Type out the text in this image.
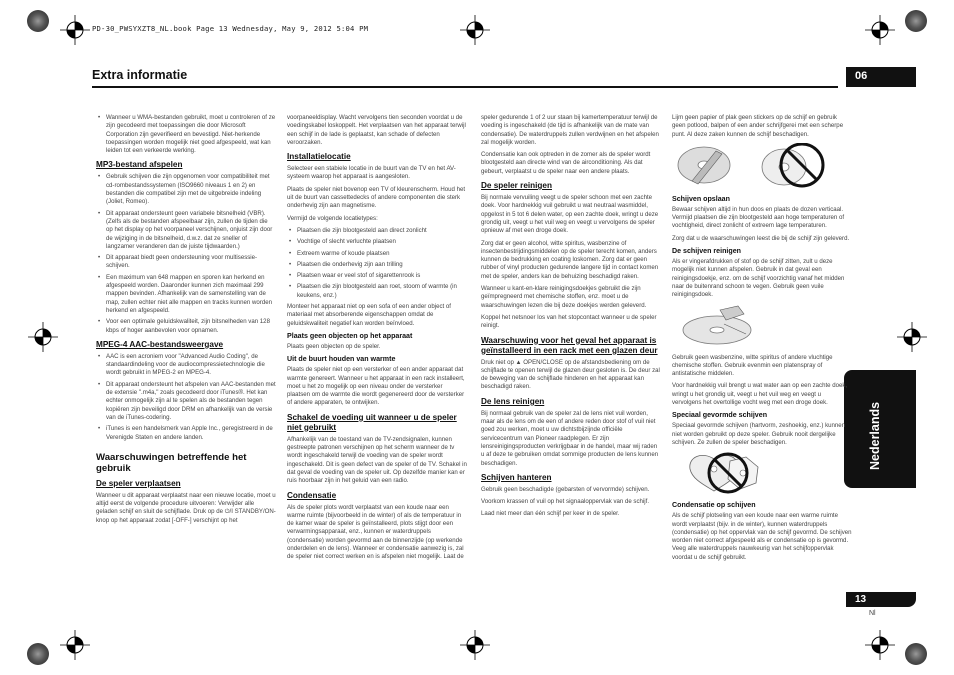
PD-30_PWSYXZT8_NL.book Page 13 Wednesday, May 9, 2012 5:04 PM
Extra informatie	06
Nederlands
13
Nl
• Wanneer u WMA-bestanden gebruikt, moet u controleren of ze zijn gecodeerd met toepassingen die door Microsoft Corporation zijn geverifieerd en bevestigd. Niet-herkende toepassingen worden mogelijk niet goed afgespeeld, wat kan leiden tot een verkeerde werking.
MP3-bestand afspelen
• Gebruik schijven die zijn opgenomen voor compatibiliteit met cd-rombestandssystemen (ISO9660 niveaus 1 en 2) en bestanden die compatibel zijn met de uitgebreide indeling (Joliet, Romeo).
• Dit apparaat ondersteunt geen variabele bitsnelheid (VBR). (Zelfs als de bestanden afspeelbaar zijn, zullen de tijden die op het display op het voorpaneel verschijnen, onjuist zijn door de wijziging in de bitsnelheid, d.w.z. dat ze sneller of langzamer veranderen dan de juiste tijdwaarden.)
• Dit apparaat biedt geen ondersteuning voor multisessie-schijven.
• Een maximum van 648 mappen en sporen kan herkend en afgespeeld worden. Daaronder kunnen zich maximaal 299 mappen bevinden. Afhankelijk van de samenstelling van de map, zullen echter niet alle mappen en tracks kunnen worden herkend en afgespeeld.
• Voor een optimale geluidskwaliteit, zijn bitsnelheden van 128 kbps of hoger aanbevolen voor opnamen.
MPEG-4 AAC-bestandsweergave
• AAC is een acroniem voor "Advanced Audio Coding", de standaardindeling voor de audiocompressietechnologie die wordt gebruikt in MPEG-2 en MPEG-4.
• Dit apparaat ondersteunt het afspelen van AAC-bestanden met de extensie ".m4a," zoals gecodeerd door iTunes®. Het kan echter onmogelijk zijn al te spelen als de bestanden tegen kopiëren zijn beveiligd door DRM en afhankelijk van de versie van de iTunes-codering.
• iTunes is een handelsmerk van Apple Inc., geregistreerd in de Verenigde Staten en andere landen.
Waarschuwingen betreffende het gebruik
De speler verplaatsen

Wanneer u dit apparaat verplaatst naar een nieuwe locatie, moet u altijd eerst de volgende procedure uitvoeren: Verwijder alle geladen schijf en sluit de schijflade. Druk op de ⏻/I STANDBY/ON-knop op het apparaat zodat [-OFF-] verschijnt op het

voorpaneeldisplay. Wacht vervolgens tien seconden voordat u de voedingskabel loskoppelt. Het verplaatsen van het apparaat terwijl een schijf in de lade is geplaatst, kan schade of defecten veroorzaken.

Installatielocatie

Selecteer een stabiele locatie in de buurt van de TV en het AV-systeem waarop het apparaat is aangesloten.

Plaats de speler niet bovenop een TV of kleurenscherm. Houd het uit de buurt van cassettedecks of andere componenten die sterk onderhevig zijn aan magnetisme.

Vermijd de volgende locatietypes:

• Plaatsen die zijn blootgesteld aan direct zonlicht
• Vochtige of slecht verluchte plaatsen
• Extreem warme of koude plaatsen
• Plaatsen die onderhevig zijn aan trilling
• Plaatsen waar er veel stof of sigarettenrook is
• Plaatsen die zijn blootgesteld aan roet, stoom of warmte (in keukens, enz.)

Monteer het apparaat niet op een sofa of een ander object of materiaal met absorberende eigenschappen omdat de geluidskwaliteit negatief kan worden beïnvloed.

Plaats geen objecten op het apparaat

Plaats geen objecten op de speler.

Uit de buurt houden van warmte

Plaats de speler niet op een versterker of een ander apparaat dat warmte genereert. Wanneer u het apparaat in een rack installeert, moet u het zo mogelijk op een niveau onder de versterker plaatsen om de warmte die wordt gegenereerd door de versterker of andere apparaten, te ontwijken.

Schakel de voeding uit wanneer u de speler niet gebruikt

Afhankelijk van de toestand van de TV-zendsignalen, kunnen gestreepte patronen verschijnen op het scherm wanneer de tv wordt ingeschakeld terwijl de voeding van de speler wordt ingeschakeld. Dit is geen defect van de speler of de TV. Schakel in dat geval de voeding van de speler uit. Op dezelfde manier kan er ruis hoorbaar zijn in het geluid van een radio.

Condensatie

Als de speler plots wordt verplaatst van een koude naar een warme ruimte (bijvoorbeeld in de winter) of als de temperatuur in de kamer waar de speler is geïnstalleerd, plots stijgt door een verwarmingsapparaat, enz., kunnen er waterdruppels (condensatie) worden gevormd aan de binnenzijde (op werkende onderdelen en de lens). Wanneer er condensatie aanwezig is, zal de speler niet correct werken en is afspelen niet mogelijk. Laat de

speler gedurende 1 of 2 uur staan bij kamertemperatuur terwijl de voeding is ingeschakeld (de tijd is afhankelijk van de mate van condensatie). De waterdruppels zullen verdwijnen en het afspelen zal mogelijk worden.

Condensatie kan ook optreden in de zomer als de speler wordt blootgesteld aan directe wind van de airconditioning. Als dat gebeurt, verplaatst u de speler naar een andere plaats.

De speler reinigen

Bij normale vervuiling veegt u de speler schoon met een zachte doek. Voor hardnekkig vuil gebruikt u wat neutraal wasmiddel, opgelost in 5 tot 6 delen water, op een zachte doek, wringt u deze grondig uit, veegt u het vuil weg en veegt u vervolgens de speler opnieuw af met een droge doek.

Zorg dat er geen alcohol, witte spiritus, wasbenzine of insectenbestrijdingsmiddelen op de speler terecht komen, anders kunnen de bedrukking en coating loskomen. Zorg dat er geen rubber of vinyl producten gedurende langere tijd in contact komen met de speler, anders kan de behuizing beschadigd raken.

Wanneer u kant-en-klare reinigingsdoekjes gebruikt die zijn geïmpregneerd met chemische stoffen, enz. moet u de waarschuwingen lezen die bij deze doekjes werden geleverd.

Koppel het netsnoer los van het stopcontact wanneer u de speler reinigt.

Waarschuwing voor het geval het apparaat is geïnstalleerd in een rack met een glazen deur

Druk niet op ▲ OPEN/CLOSE op de afstandsbediening om de schijflade te openen terwijl de glazen deur gesloten is. De deur zal de beweging van de schijflade hinderen en het apparaat kan beschadigd raken.

De lens reinigen

Bij normaal gebruik van de speler zal de lens niet vuil worden, maar als de lens om de een of andere reden door stof of vuil niet goed zou werken, moet u uw dichtstbijzijnde officiële servicecentrum van Pioneer raadplegen. Er zijn lensreinigingsproducten verkrijgbaar in de handel, maar wij raden u af deze te gebruiken omdat sommige producten de lens kunnen beschadigen.

Schijven hanteren

Gebruik geen beschadigde (gebarsten of vervormde) schijven.

Voorkom krassen of vuil op het signaaloppervlak van de schijf.

Laad niet meer dan één schijf per keer in de speler.

Lijm geen papier of plak geen stickers op de schijf en gebruik geen potlood, balpen of een ander schrijfgerei met een scherpe punt. Al deze zaken kunnen de schijf beschadigen.

Schijven opslaan

Bewaar schijven altijd in hun doos en plaats de dozen verticaal. Vermijd plaatsen die zijn blootgesteld aan hoge temperaturen of vochtigheid, direct zonlicht of extreem lage temperaturen.

Zorg dat u de waarschuwingen leest die bij de schijf zijn geleverd.

De schijven reinigen

Als er vingerafdrukken of stof op de schijf zitten, zult u deze mogelijk niet kunnen afspelen. Gebruik in dat geval een reinigingsdoekje, enz. om de schijf voorzichtig vanaf het midden naar de buitenrand schoon te vegen. Gebruik geen vuile reinigingsdoek.

Gebruik geen wasbenzine, witte spiritus of andere vluchtige chemische stoffen. Gebruik evenmin een platenspray of antistatische middelen.

Voor hardnekkig vuil brengt u wat water aan op een zachte doek, wringt u het grondig uit, veegt u het vuil weg en veegt u vervolgens het overtollige vocht weg met een droge doek.

Speciaal gevormde schijven

Speciaal gevormde schijven (hartvorm, zeshoekig, enz.) kunnen niet worden gebruikt op deze speler. Gebruik nooit dergelijke schijven. Ze zullen de speler beschadigen.

Condensatie op schijven

Als de schijf plotseling van een koude naar een warme ruimte wordt verplaatst (bijv. in de winter), kunnen waterdruppels (condensatie) op het oppervlak van de schijf gevormd. De schijven worden niet correct afgespeeld als er condensatie op is gevormd. Veeg alle waterdruppels nauwkeurig van het schijfoppervlak voordat u de schijf gebruikt.
